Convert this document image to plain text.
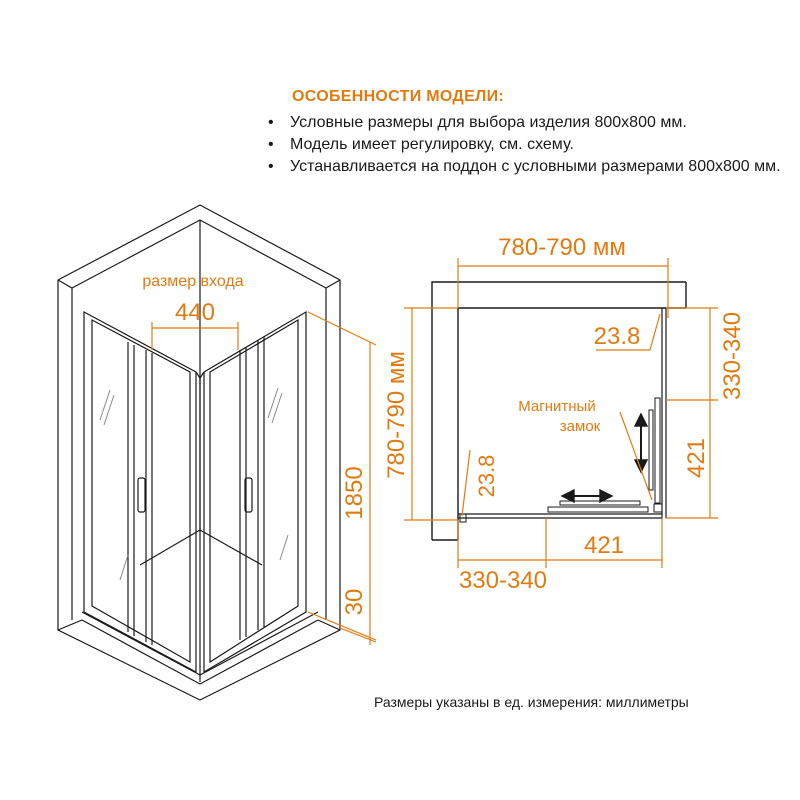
ОСОБЕННОСТИ МОДЕЛИ:
• Условные размеры для выбора изделия 800х800 мм.
• Модель имеет регулировку, см. схему.
• Устанавливается на поддон с условными размерами 800х800 мм.
размер входа
440
1850
30
780-790 мм
780-790 мм
23.8
23.8
330-340
421
421
330-340
Магнитный
замок
Размеры указаны в ед. измерения: миллиметры
